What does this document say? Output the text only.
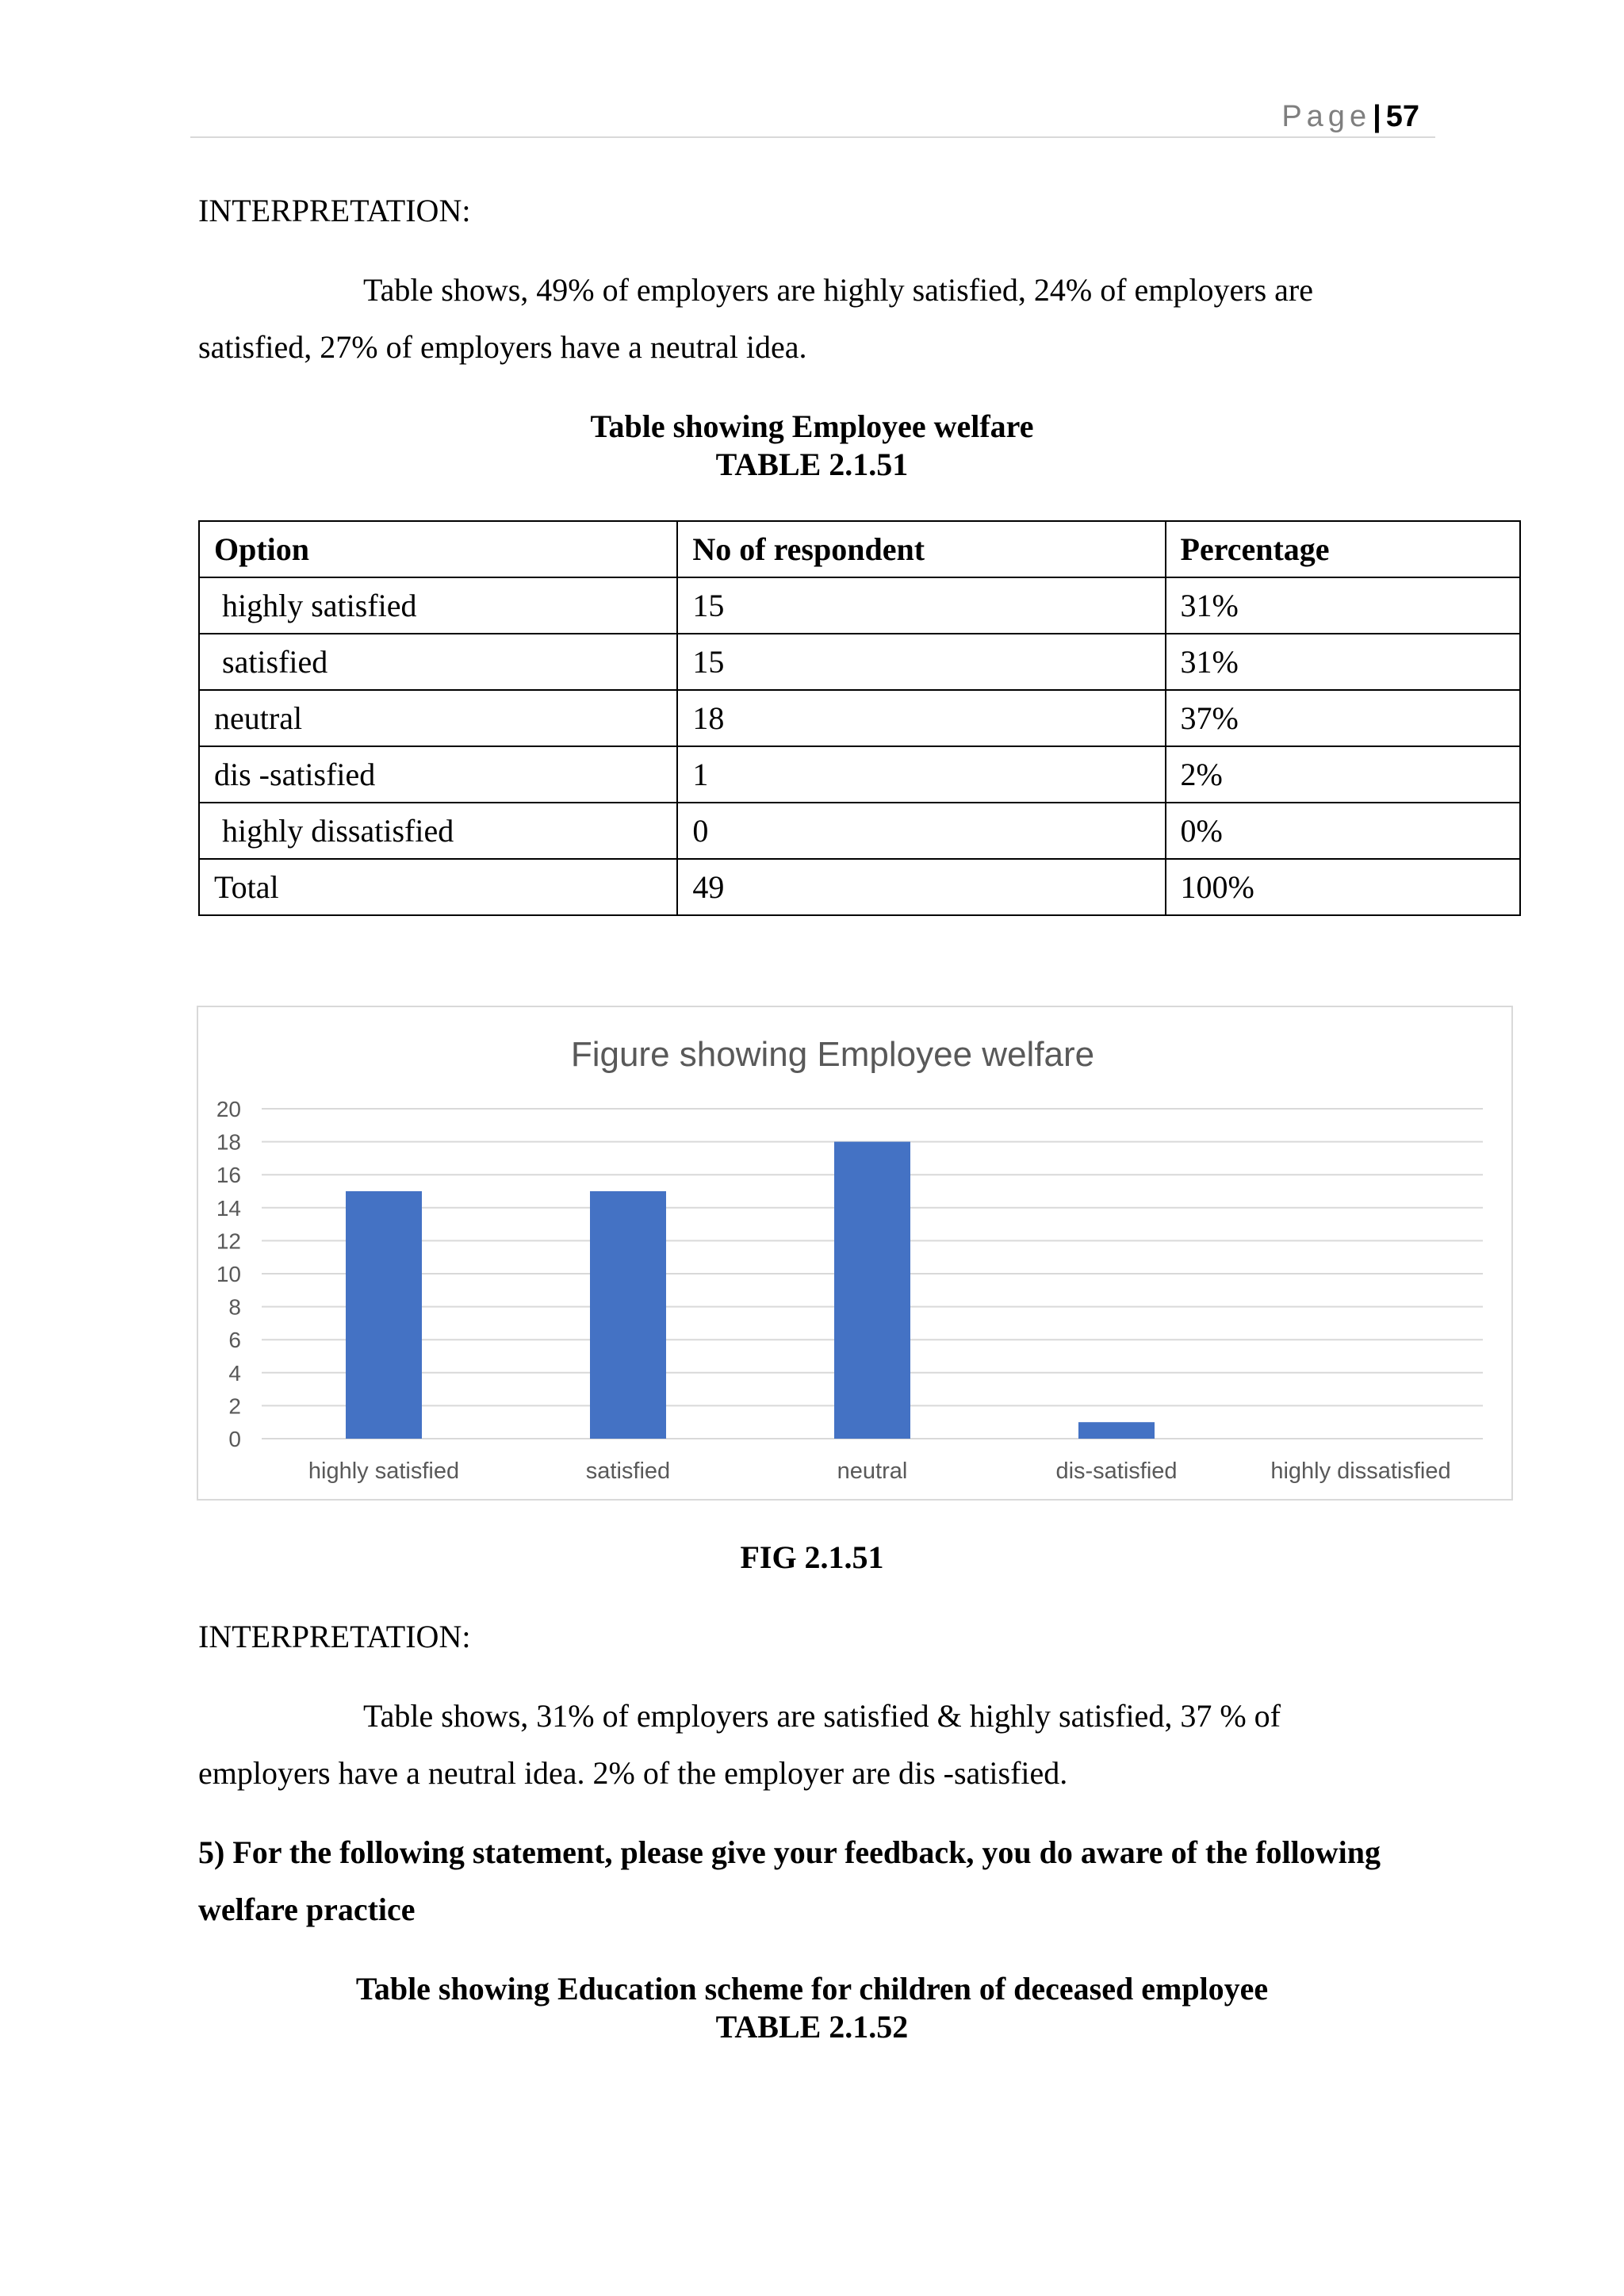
Page| 57
INTERPRETATION:
Table shows, 49% of employers are highly satisfied, 24% of employers are
satisfied, 27% of employers have a neutral idea.
Table showing Employee welfare
TABLE 2.1.51
Option	No of respondent	Percentage
highly satisfied	15	31%
satisfied	15	31%
neutral	18	37%
dis -satisfied	1	2%
highly dissatisfied	0	0%
Total	49	100%
Figure showing Employee welfare
0
2
4
6
8
10
12
14
16
18
20
highly satisfied	satisfied	neutral	dis-satisfied	highly dissatisfied
FIG 2.1.51
INTERPRETATION:
Table shows, 31% of employers are satisfied & highly satisfied, 37 % of
employers have a neutral idea. 2% of the employer are dis -satisfied.
5) For the following statement, please give your feedback, you do aware of the following
welfare practice
Table showing Education scheme for children of deceased employee
TABLE 2.1.52
